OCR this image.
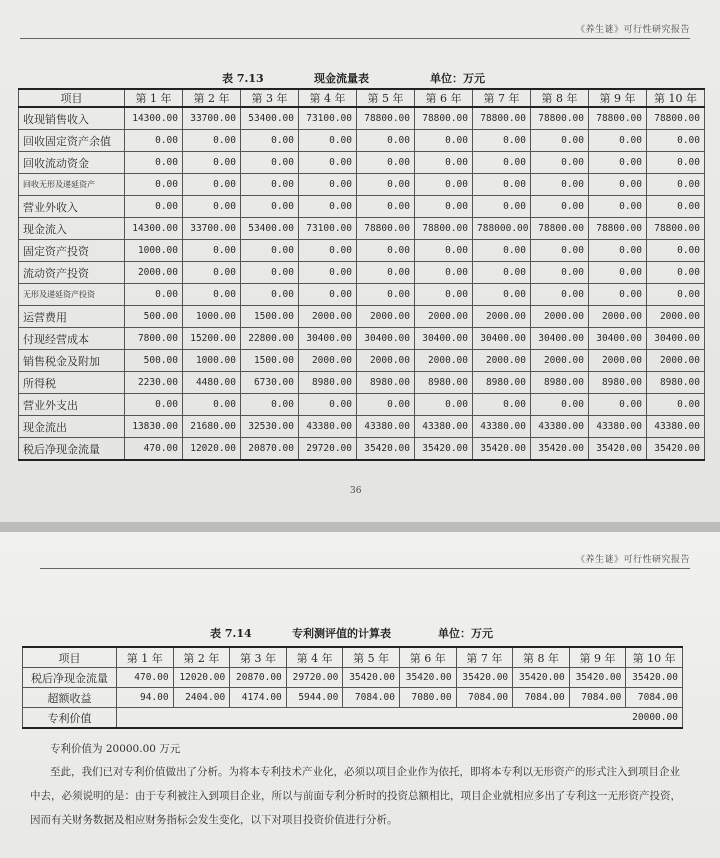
《养生谜》可行性研究报告
表 7.13	现金流量表	单位：万元
项目	第 1 年	第 2 年	第 3 年	第 4 年	第 5 年	第 6 年	第 7 年	第 8 年	第 9 年	第 10 年
收现销售收入	14300.00	33700.00	53400.00	73100.00	78800.00	78800.00	78800.00	78800.00	78800.00	78800.00
回收固定资产余值	0.00	0.00	0.00	0.00	0.00	0.00	0.00	0.00	0.00	0.00
回收流动资金	0.00	0.00	0.00	0.00	0.00	0.00	0.00	0.00	0.00	0.00
回收无形及递延资产	0.00	0.00	0.00	0.00	0.00	0.00	0.00	0.00	0.00	0.00
营业外收入	0.00	0.00	0.00	0.00	0.00	0.00	0.00	0.00	0.00	0.00
现金流入	14300.00	33700.00	53400.00	73100.00	78800.00	78800.00	788000.00	78800.00	78800.00	78800.00
固定资产投资	1000.00	0.00	0.00	0.00	0.00	0.00	0.00	0.00	0.00	0.00
流动资产投资	2000.00	0.00	0.00	0.00	0.00	0.00	0.00	0.00	0.00	0.00
无形及递延资产投资	0.00	0.00	0.00	0.00	0.00	0.00	0.00	0.00	0.00	0.00
运营费用	500.00	1000.00	1500.00	2000.00	2000.00	2000.00	2000.00	2000.00	2000.00	2000.00
付现经营成本	7800.00	15200.00	22800.00	30400.00	30400.00	30400.00	30400.00	30400.00	30400.00	30400.00
销售税金及附加	500.00	1000.00	1500.00	2000.00	2000.00	2000.00	2000.00	2000.00	2000.00	2000.00
所得税	2230.00	4480.00	6730.00	8980.00	8980.00	8980.00	8980.00	8980.00	8980.00	8980.00
营业外支出	0.00	0.00	0.00	0.00	0.00	0.00	0.00	0.00	0.00	0.00
现金流出	13830.00	21680.00	32530.00	43380.00	43380.00	43380.00	43380.00	43380.00	43380.00	43380.00
税后净现金流量	470.00	12020.00	20870.00	29720.00	35420.00	35420.00	35420.00	35420.00	35420.00	35420.00
36
《养生谜》可行性研究报告
表 7.14	专利测评值的计算表	单位：万元
项目	第 1 年	第 2 年	第 3 年	第 4 年	第 5 年	第 6 年	第 7 年	第 8 年	第 9 年	第 10 年
税后净现金流量	470.00	12020.00	20870.00	29720.00	35420.00	35420.00	35420.00	35420.00	35420.00	35420.00
超额收益	94.00	2404.00	4174.00	5944.00	7084.00	7080.00	7084.00	7084.00	7084.00	7084.00
专利价值	20000.00									
专利价值为 20000.00 万元
至此，我们已对专利价值做出了分析。为将本专利技术产业化，必须以项目企业作为依托，即将本专利以无形资产的形式注入到项目企业中去，必须说明的是：由于专利被注入到项目企业，所以与前面专利分析时的投资总额相比，项目企业就相应多出了专利这一无形资产投资，因而有关财务数据及相应财务指标会发生变化，以下对项目投资价值进行分析。
